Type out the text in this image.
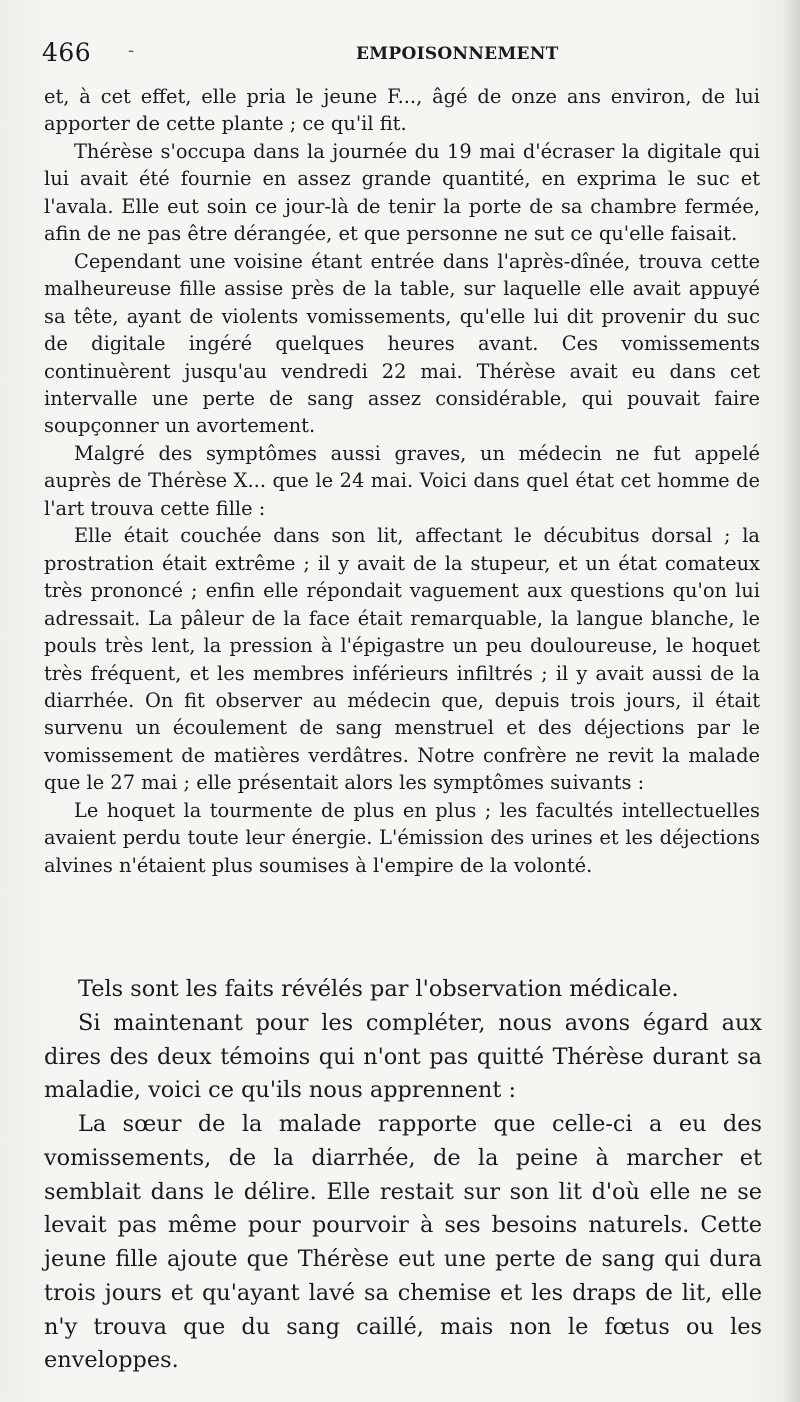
466 -	EMPOISONNEMENT

et, à cet effet, elle pria le jeune F..., âgé de onze ans environ, de lui apporter de cette plante ; ce qu'il fit.

Thérèse s'occupa dans la journée du 19 mai d'écraser la digitale qui lui avait été fournie en assez grande quantité, en exprima le suc et l'avala. Elle eut soin ce jour-là de tenir la porte de sa chambre fermée, afin de ne pas être dérangée, et que personne ne sut ce qu'elle faisait.

Cependant une voisine étant entrée dans l'après-dînée, trouva cette malheureuse fille assise près de la table, sur laquelle elle avait appuyé sa tête, ayant de violents vomissements, qu'elle lui dit provenir du suc de digitale ingéré quelques heures avant. Ces vomissements continuèrent jusqu'au vendredi 22 mai. Thérèse avait eu dans cet intervalle une perte de sang assez considérable, qui pouvait faire soupçonner un avortement.

Malgré des symptômes aussi graves, un médecin ne fut appelé auprès de Thérèse X... que le 24 mai. Voici dans quel état cet homme de l'art trouva cette fille :

Elle était couchée dans son lit, affectant le décubitus dorsal ; la prostration était extrême ; il y avait de la stupeur, et un état comateux très prononcé ; enfin elle répondait vaguement aux questions qu'on lui adressait. La pâleur de la face était remarquable, la langue blanche, le pouls très lent, la pression à l'épigastre un peu douloureuse, le hoquet très fréquent, et les membres inférieurs infiltrés ; il y avait aussi de la diarrhée. On fit observer au médecin que, depuis trois jours, il était survenu un écoulement de sang menstruel et des déjections par le vomissement de matières verdâtres. Notre confrère ne revit la malade que le 27 mai ; elle présentait alors les symptômes suivants :

Le hoquet la tourmente de plus en plus ; les facultés intellectuelles avaient perdu toute leur énergie. L'émission des urines et les déjections alvines n'étaient plus soumises à l'empire de la volonté.

Tels sont les faits révélés par l'observation médicale.

Si maintenant pour les compléter, nous avons égard aux dires des deux témoins qui n'ont pas quitté Thérèse durant sa maladie, voici ce qu'ils nous apprennent :

La sœur de la malade rapporte que celle-ci a eu des vomissements, de la diarrhée, de la peine à marcher et semblait dans le délire. Elle restait sur son lit d'où elle ne se levait pas même pour pourvoir à ses besoins naturels. Cette jeune fille ajoute que Thérèse eut une perte de sang qui dura trois jours et qu'ayant lavé sa chemise et les draps de lit, elle n'y trouva que du sang caillé, mais non le fœtus ou les enveloppes.
